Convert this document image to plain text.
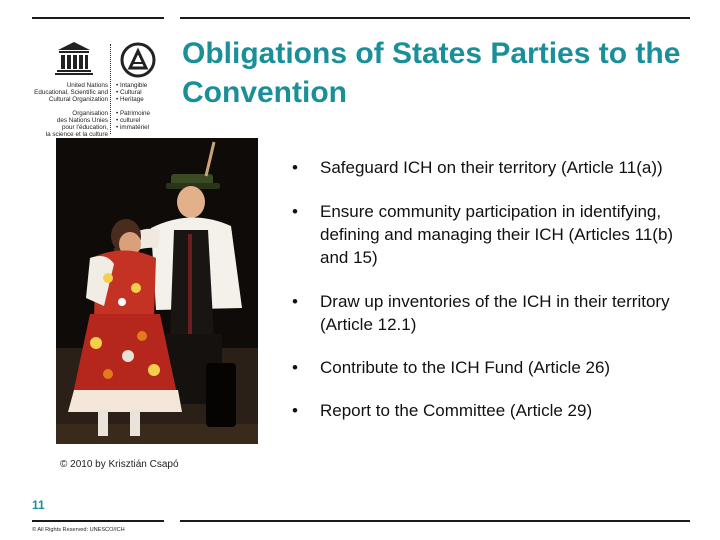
United Nations
Educational, Scientific and
Cultural Organization

Organisation
des Nations Unies
pour l'éducation,
la science et la culture
• Intangible
• Cultural
• Heritage

• Patrimoine
• culturel
• immatériel
Obligations of States Parties to the Convention

© 2010 by Krisztián Csapó

• Safeguard ICH on their territory (Article 11(a))
• Ensure community participation in identifying, defining and managing their ICH (Articles 11(b) and 15)
• Draw up inventories of the ICH in their territory (Article 12.1)
• Contribute to the ICH Fund (Article 26)
• Report to the Committee (Article 29)

11

© All Rights Reserved: UNESCO/ICH
